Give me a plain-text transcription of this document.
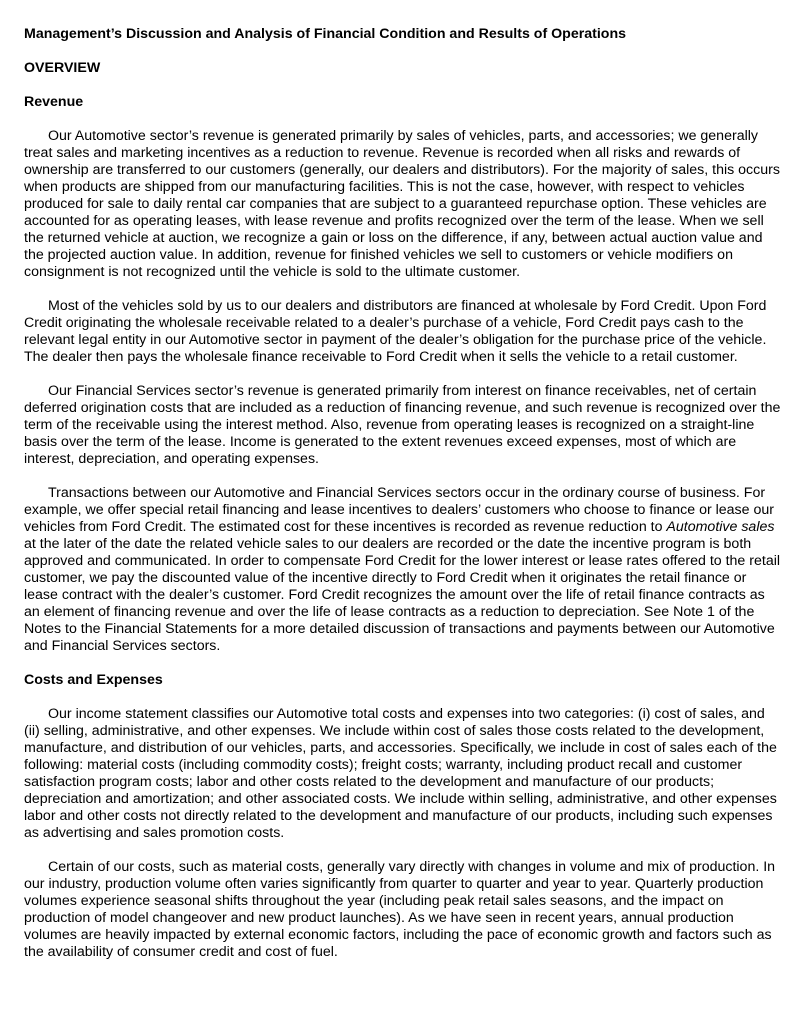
Management’s Discussion and Analysis of Financial Condition and Results of Operations

OVERVIEW

Revenue

Our Automotive sector’s revenue is generated primarily by sales of vehicles, parts, and accessories; we generally treat sales and marketing incentives as a reduction to revenue. Revenue is recorded when all risks and rewards of ownership are transferred to our customers (generally, our dealers and distributors). For the majority of sales, this occurs when products are shipped from our manufacturing facilities. This is not the case, however, with respect to vehicles produced for sale to daily rental car companies that are subject to a guaranteed repurchase option. These vehicles are accounted for as operating leases, with lease revenue and profits recognized over the term of the lease. When we sell the returned vehicle at auction, we recognize a gain or loss on the difference, if any, between actual auction value and the projected auction value. In addition, revenue for finished vehicles we sell to customers or vehicle modifiers on consignment is not recognized until the vehicle is sold to the ultimate customer.

Most of the vehicles sold by us to our dealers and distributors are financed at wholesale by Ford Credit. Upon Ford Credit originating the wholesale receivable related to a dealer’s purchase of a vehicle, Ford Credit pays cash to the relevant legal entity in our Automotive sector in payment of the dealer’s obligation for the purchase price of the vehicle. The dealer then pays the wholesale finance receivable to Ford Credit when it sells the vehicle to a retail customer.

Our Financial Services sector’s revenue is generated primarily from interest on finance receivables, net of certain deferred origination costs that are included as a reduction of financing revenue, and such revenue is recognized over the term of the receivable using the interest method. Also, revenue from operating leases is recognized on a straight-line basis over the term of the lease. Income is generated to the extent revenues exceed expenses, most of which are interest, depreciation, and operating expenses.

Transactions between our Automotive and Financial Services sectors occur in the ordinary course of business. For example, we offer special retail financing and lease incentives to dealers’ customers who choose to finance or lease our vehicles from Ford Credit. The estimated cost for these incentives is recorded as revenue reduction to Automotive sales at the later of the date the related vehicle sales to our dealers are recorded or the date the incentive program is both approved and communicated. In order to compensate Ford Credit for the lower interest or lease rates offered to the retail customer, we pay the discounted value of the incentive directly to Ford Credit when it originates the retail finance or lease contract with the dealer’s customer. Ford Credit recognizes the amount over the life of retail finance contracts as an element of financing revenue and over the life of lease contracts as a reduction to depreciation. See Note 1 of the Notes to the Financial Statements for a more detailed discussion of transactions and payments between our Automotive and Financial Services sectors.

Costs and Expenses

Our income statement classifies our Automotive total costs and expenses into two categories: (i) cost of sales, and (ii) selling, administrative, and other expenses. We include within cost of sales those costs related to the development, manufacture, and distribution of our vehicles, parts, and accessories. Specifically, we include in cost of sales each of the following: material costs (including commodity costs); freight costs; warranty, including product recall and customer satisfaction program costs; labor and other costs related to the development and manufacture of our products; depreciation and amortization; and other associated costs. We include within selling, administrative, and other expenses labor and other costs not directly related to the development and manufacture of our products, including such expenses as advertising and sales promotion costs.

Certain of our costs, such as material costs, generally vary directly with changes in volume and mix of production. In our industry, production volume often varies significantly from quarter to quarter and year to year. Quarterly production volumes experience seasonal shifts throughout the year (including peak retail sales seasons, and the impact on production of model changeover and new product launches). As we have seen in recent years, annual production volumes are heavily impacted by external economic factors, including the pace of economic growth and factors such as the availability of consumer credit and cost of fuel.
